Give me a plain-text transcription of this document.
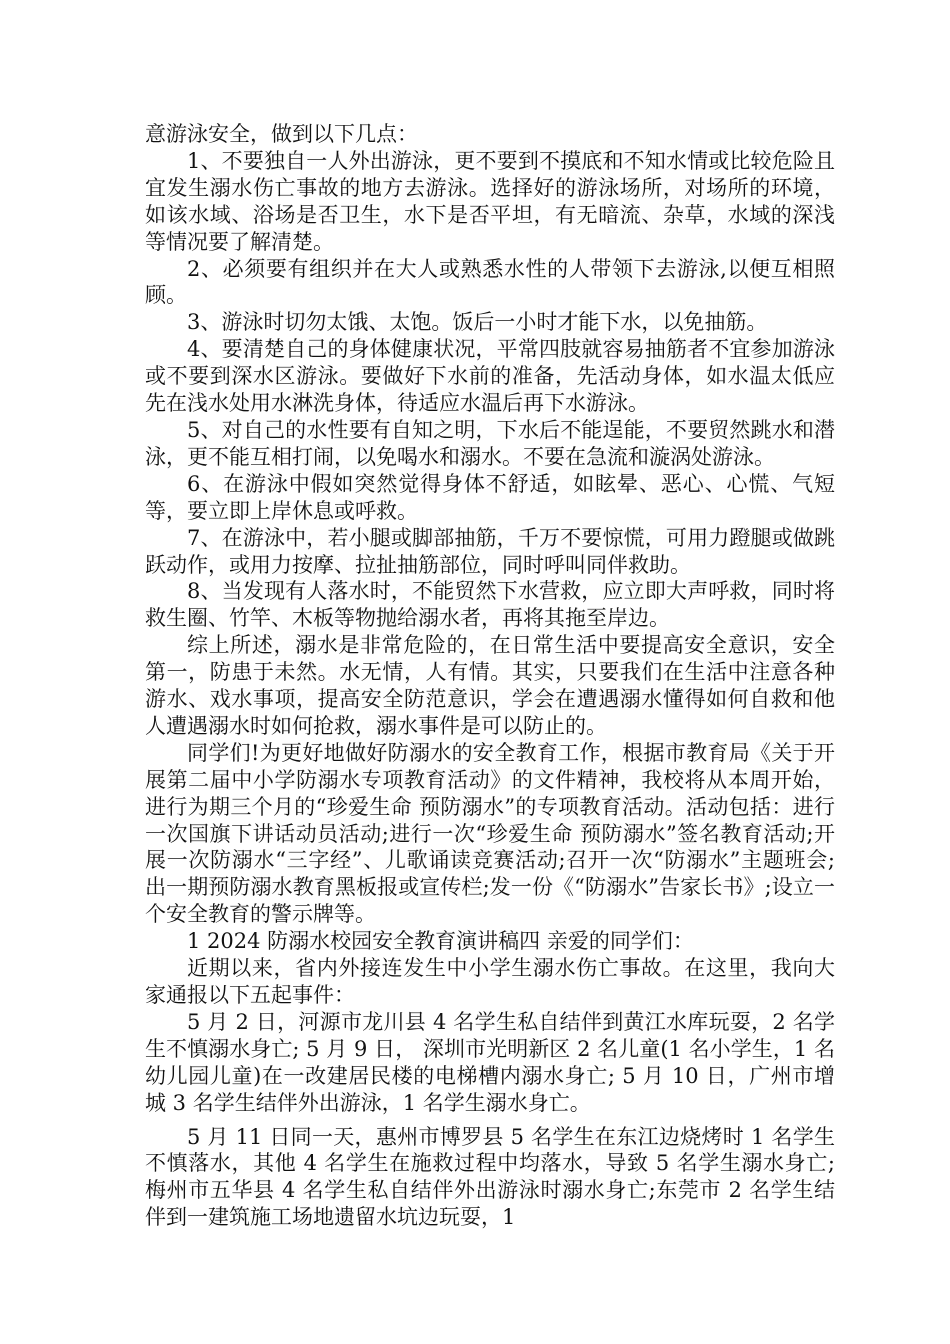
意游泳安全，做到以下几点：

1、不要独自一人外出游泳，更不要到不摸底和不知水情或比较危险且宜发生溺水伤亡事故的地方去游泳。选择好的游泳场所，对场所的环境，如该水域、浴场是否卫生，水下是否平坦，有无暗流、杂草，水域的深浅等情况要了解清楚。

2、必须要有组织并在大人或熟悉水性的人带领下去游泳,以便互相照顾。

3、游泳时切勿太饿、太饱。饭后一小时才能下水，以免抽筋。

4、要清楚自己的身体健康状况，平常四肢就容易抽筋者不宜参加游泳或不要到深水区游泳。要做好下水前的准备，先活动身体，如水温太低应先在浅水处用水淋洗身体，待适应水温后再下水游泳。

5、对自己的水性要有自知之明，下水后不能逞能，不要贸然跳水和潜泳，更不能互相打闹，以免喝水和溺水。不要在急流和漩涡处游泳。

6、在游泳中假如突然觉得身体不舒适，如眩晕、恶心、心慌、气短等，要立即上岸休息或呼救。

7、在游泳中，若小腿或脚部抽筋，千万不要惊慌，可用力蹬腿或做跳跃动作，或用力按摩、拉扯抽筋部位，同时呼叫同伴救助。

8、当发现有人落水时，不能贸然下水营救，应立即大声呼救，同时将救生圈、竹竿、木板等物抛给溺水者，再将其拖至岸边。

综上所述，溺水是非常危险的，在日常生活中要提高安全意识，安全第一，防患于未然。水无情，人有情。其实，只要我们在生活中注意各种游水、戏水事项，提高安全防范意识，学会在遭遇溺水懂得如何自救和他人遭遇溺水时如何抢救，溺水事件是可以防止的。

同学们!为更好地做好防溺水的安全教育工作，根据市教育局《关于开展第二届中小学防溺水专项教育活动》的文件精神，我校将从本周开始，进行为期三个月的“珍爱生命 预防溺水”的专项教育活动。活动包括：进行一次国旗下讲话动员活动;进行一次“珍爱生命 预防溺水”签名教育活动;开展一次防溺水“三字经”、儿歌诵读竞赛活动;召开一次“防溺水”主题班会; 出一期预防溺水教育黑板报或宣传栏;发一份《“防溺水”告家长书》;设立一个安全教育的警示牌等。

1 2024 防溺水校园安全教育演讲稿四 亲爱的同学们：

近期以来，省内外接连发生中小学生溺水伤亡事故。在这里，我向大家通报以下五起事件：

5 月 2 日，河源市龙川县 4 名学生私自结伴到黄江水库玩耍，2 名学生不慎溺水身亡; 5 月 9 日， 深圳市光明新区 2 名儿童(1 名小学生，1 名幼儿园儿童)在一改建居民楼的电梯槽内溺水身亡; 5 月 10 日，广州市增城 3 名学生结伴外出游泳，1 名学生溺水身亡。

5 月 11 日同一天，惠州市博罗县 5 名学生在东江边烧烤时 1 名学生不慎落水，其他 4 名学生在施救过程中均落水，导致 5 名学生溺水身亡;梅州市五华县 4 名学生私自结伴外出游泳时溺水身亡;东莞市 2 名学生结伴到一建筑施工场地遗留水坑边玩耍，1
